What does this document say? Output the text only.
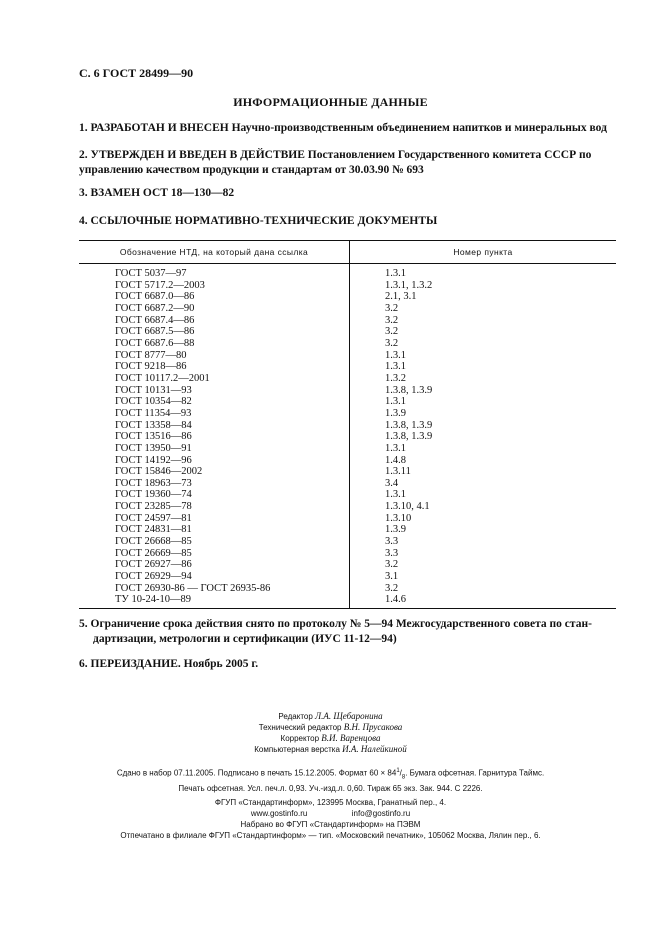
С. 6 ГОСТ 28499—90
ИНФОРМАЦИОННЫЕ ДАННЫЕ
1. РАЗРАБОТАН И ВНЕСЕН Научно-производственным объединением напитков и минеральных вод
2. УТВЕРЖДЕН И ВВЕДЕН В ДЕЙСТВИЕ Постановлением Государственного комитета СССР по
управлению качеством продукции и стандартам от 30.03.90 № 693
3. ВЗАМЕН ОСТ 18—130—82
4. ССЫЛОЧНЫЕ НОРМАТИВНО-ТЕХНИЧЕСКИЕ ДОКУМЕНТЫ
Обозначение НТД, на который дана ссылка	Номер пункта
ГОСТ 5037—97	1.3.1
ГОСТ 5717.2—2003	1.3.1, 1.3.2
ГОСТ 6687.0—86	2.1, 3.1
ГОСТ 6687.2—90	3.2
ГОСТ 6687.4—86	3.2
ГОСТ 6687.5—86	3.2
ГОСТ 6687.6—88	3.2
ГОСТ 8777—80	1.3.1
ГОСТ 9218—86	1.3.1
ГОСТ 10117.2—2001	1.3.2
ГОСТ 10131—93	1.3.8, 1.3.9
ГОСТ 10354—82	1.3.1
ГОСТ 11354—93	1.3.9
ГОСТ 13358—84	1.3.8, 1.3.9
ГОСТ 13516—86	1.3.8, 1.3.9
ГОСТ 13950—91	1.3.1
ГОСТ 14192—96	1.4.8
ГОСТ 15846—2002	1.3.11
ГОСТ 18963—73	3.4
ГОСТ 19360—74	1.3.1
ГОСТ 23285—78	1.3.10, 4.1
ГОСТ 24597—81	1.3.10
ГОСТ 24831—81	1.3.9
ГОСТ 26668—85	3.3
ГОСТ 26669—85	3.3
ГОСТ 26927—86	3.2
ГОСТ 26929—94	3.1
ГОСТ 26930-86 — ГОСТ 26935-86	3.2
ТУ 10-24-10—89	1.4.6
5. Ограничение срока действия снято по протоколу № 5—94 Межгосударственного совета по стан-
дартизации, метрологии и сертификации (ИУС 11-12—94)
6. ПЕРЕИЗДАНИЕ. Ноябрь 2005 г.
Редактор Л.А. Щебаронина
Технический редактор В.Н. Прусакова
Корректор В.И. Варенцова
Компьютерная верстка И.А. Налейкиной
Сдано в набор 07.11.2005. Подписано в печать 15.12.2005. Формат $60 \times 84^1/_8$. Бумага офсетная. Гарнитура Таймс.
Печать офсетная. Усл. печ.л. 0,93. Уч.-изд.л. 0,60. Тираж 65 экз. Зак. 944. С 2226.
ФГУП «Стандартинформ», 123995 Москва, Гранатный пер., 4.
www.gostinfo.ru	info@gostinfo.ru
Набрано во ФГУП «Стандартинформ» на ПЭВМ
Отпечатано в филиале ФГУП «Стандартинформ» — тип. «Московский печатник», 105062 Москва, Лялин пер., 6.
